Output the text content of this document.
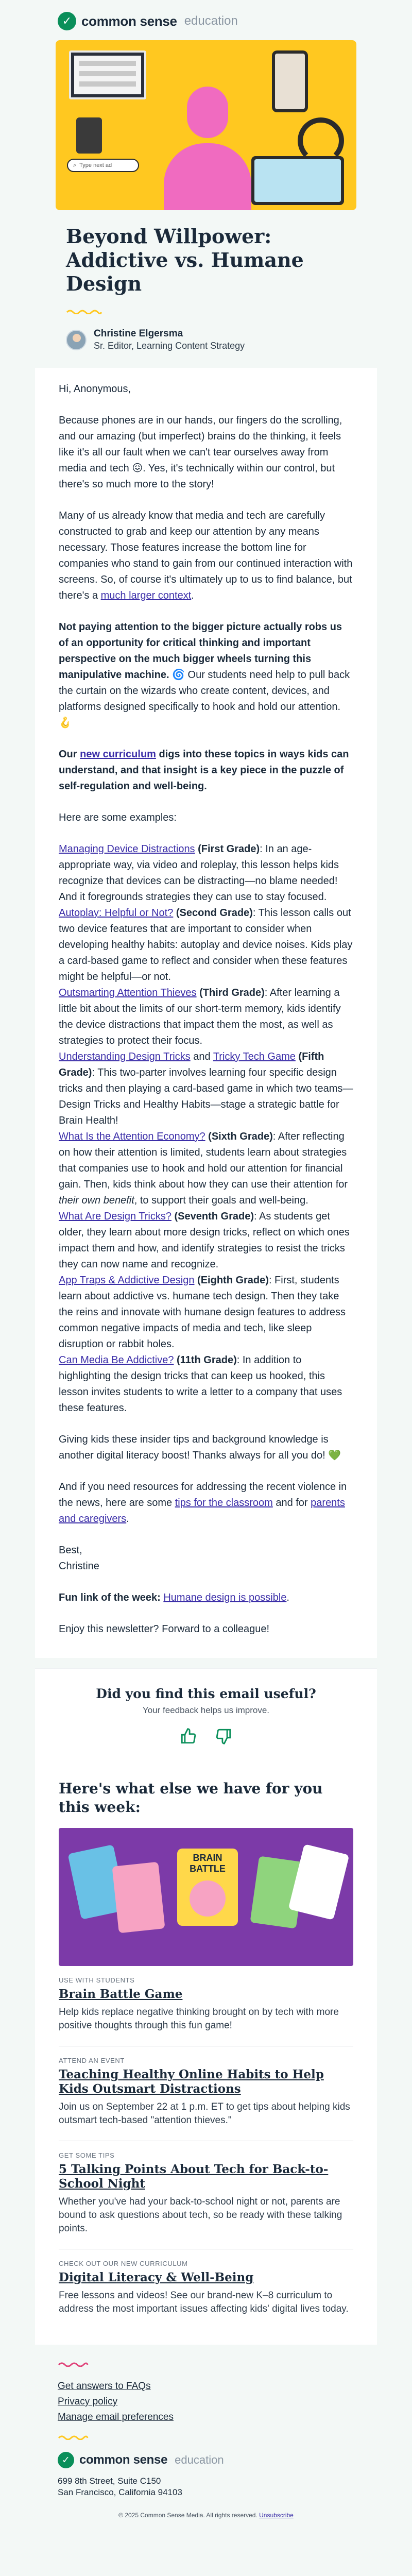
✓ common sense education
⌕ Type next ad
Beyond Willpower: Addictive vs. Humane Design
Christine Elgersma
Sr. Editor, Learning Content Strategy

Hi, Anonymous,

Because phones are in our hands, our fingers do the scrolling, and our amazing (but imperfect) brains do the thinking, it feels like it's all our fault when we can't tear ourselves away from media and tech 😖. Yes, it's technically within our control, but there's so much more to the story!

Many of us already know that media and tech are carefully constructed to grab and keep our attention by any means necessary. Those features increase the bottom line for companies who stand to gain from our continued interaction with screens. So, of course it's ultimately up to us to find balance, but there's a much larger context.

Not paying attention to the bigger picture actually robs us of an opportunity for critical thinking and important perspective on the much bigger wheels turning this manipulative machine. 🌀 Our students need help to pull back the curtain on the wizards who create content, devices, and platforms designed specifically to hook and hold our attention. 🪝

Our new curriculum digs into these topics in ways kids can understand, and that insight is a key piece in the puzzle of self-regulation and well-being.

Here are some examples:

Managing Device Distractions (First Grade): In an age-appropriate way, via video and roleplay, this lesson helps kids recognize that devices can be distracting—no blame needed! And it foregrounds strategies they can use to stay focused.

Autoplay: Helpful or Not? (Second Grade): This lesson calls out two device features that are important to consider when developing healthy habits: autoplay and device noises. Kids play a card-based game to reflect and consider when these features might be helpful—or not.

Outsmarting Attention Thieves (Third Grade): After learning a little bit about the limits of our short-term memory, kids identify the device distractions that impact them the most, as well as strategies to protect their focus.

Understanding Design Tricks and Tricky Tech Game (Fifth Grade): This two-parter involves learning four specific design tricks and then playing a card-based game in which two teams—Design Tricks and Healthy Habits—stage a strategic battle for Brain Health!

What Is the Attention Economy? (Sixth Grade): After reflecting on how their attention is limited, students learn about strategies that companies use to hook and hold our attention for financial gain. Then, kids think about how they can use their attention for their own benefit, to support their goals and well-being.

What Are Design Tricks? (Seventh Grade): As students get older, they learn about more design tricks, reflect on which ones impact them and how, and identify strategies to resist the tricks they can now name and recognize.

App Traps & Addictive Design (Eighth Grade): First, students learn about addictive vs. humane tech design. Then they take the reins and innovate with humane design features to address common negative impacts of media and tech, like sleep disruption or rabbit holes.

Can Media Be Addictive? (11th Grade): In addition to highlighting the design tricks that can keep us hooked, this lesson invites students to write a letter to a company that uses these features.

Giving kids these insider tips and background knowledge is another digital literacy boost! Thanks always for all you do! 💚

And if you need resources for addressing the recent violence in the news, here are some tips for the classroom and for parents and caregivers.

Best,
Christine

Fun link of the week: Humane design is possible.

Enjoy this newsletter? Forward to a colleague!

Did you find this email useful?
Your feedback helps us improve.
Here's what else we have for you this week:
BRAIN BATTLE
USE WITH STUDENTS
Brain Battle Game
Help kids replace negative thinking brought on by tech with more positive thoughts through this fun game!
ATTEND AN EVENT
Teaching Healthy Online Habits to Help Kids Outsmart Distractions
Join us on September 22 at 1 p.m. ET to get tips about helping kids outsmart tech-based "attention thieves."
GET SOME TIPS
5 Talking Points About Tech for Back-to-School Night
Whether you've had your back-to-school night or not, parents are bound to ask questions about tech, so be ready with these talking points.
CHECK OUT OUR NEW CURRICULUM
Digital Literacy & Well-Being
Free lessons and videos! See our brand-new K–8 curriculum to address the most important issues affecting kids' digital lives today.
Get answers to FAQs
Privacy policy
Manage email preferences
✓ common sense education
699 8th Street, Suite C150
San Francisco, California 94103
© 2025 Common Sense Media. All rights reserved. Unsubscribe
